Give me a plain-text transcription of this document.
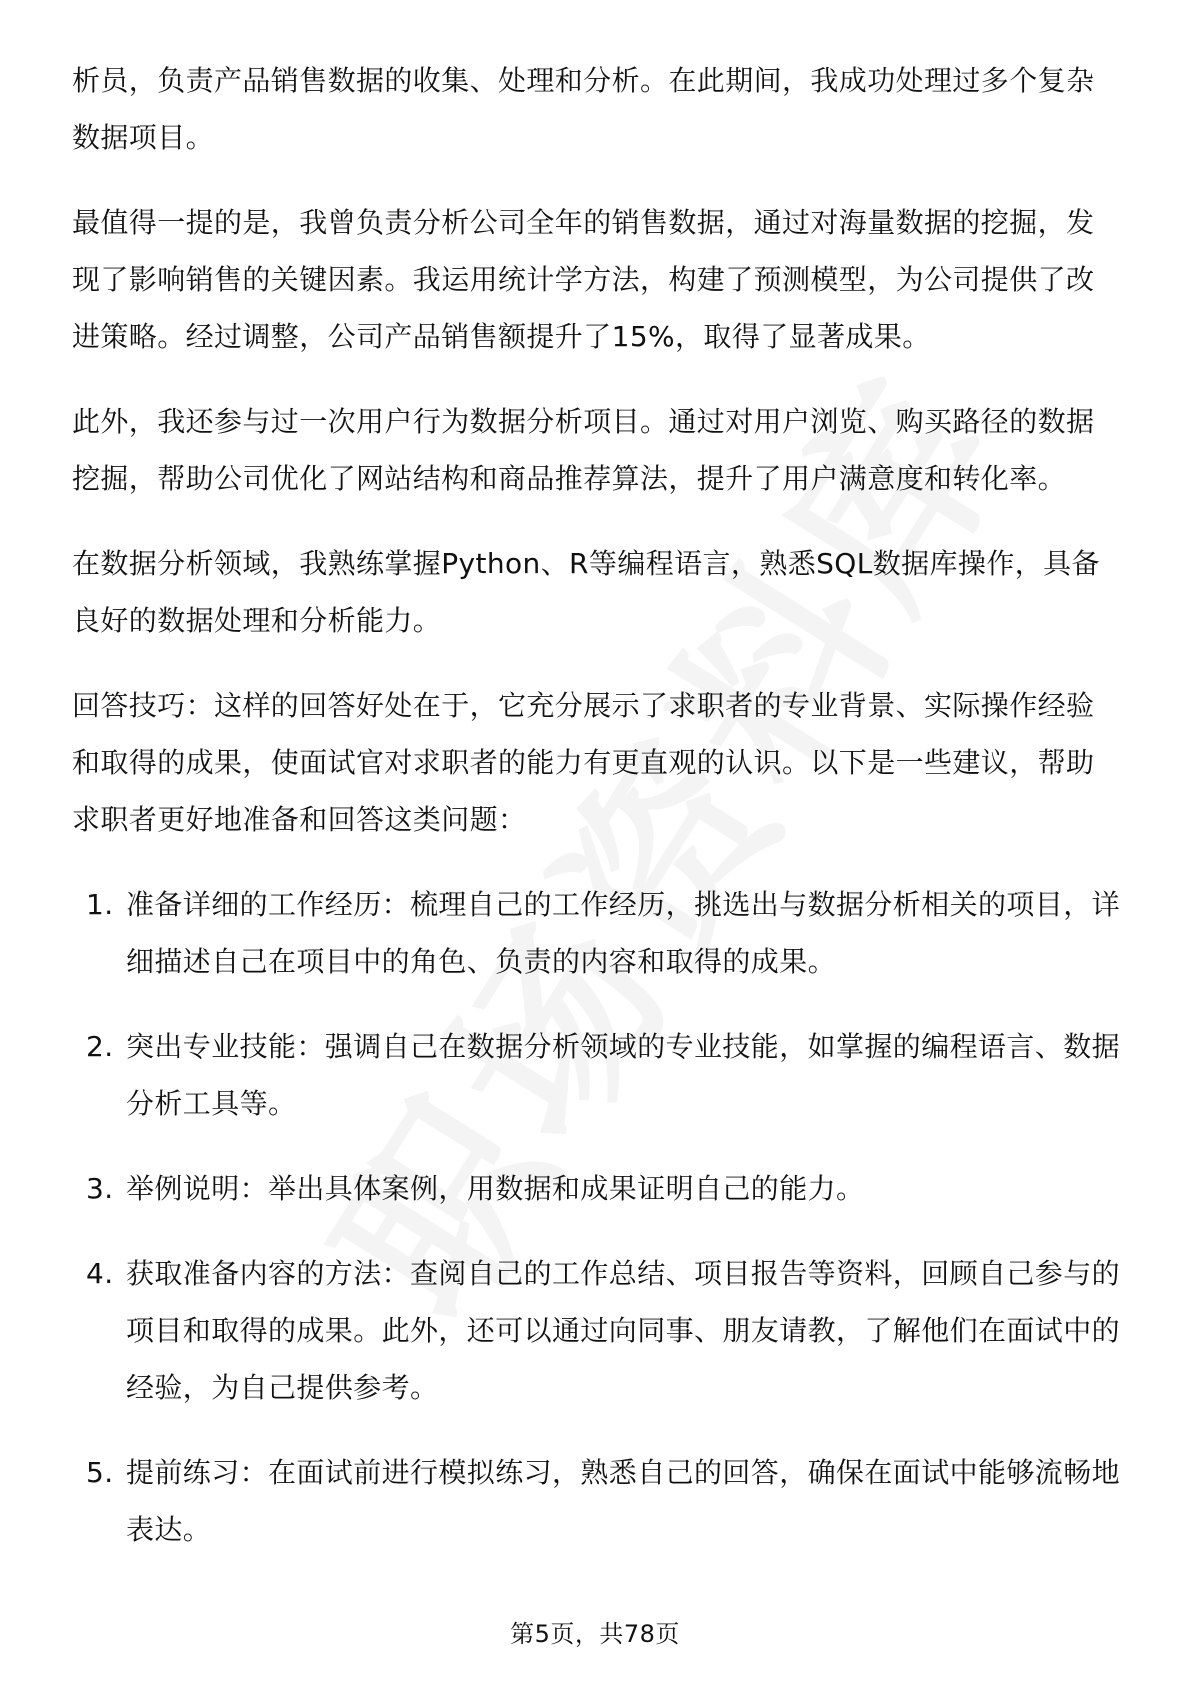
析员，负责产品销售数据的收集、处理和分析。在此期间，我成功处理过多个复杂数据项目。

最值得一提的是，我曾负责分析公司全年的销售数据，通过对海量数据的挖掘，发现了影响销售的关键因素。我运用统计学方法，构建了预测模型，为公司提供了改进策略。经过调整，公司产品销售额提升了15%，取得了显著成果。

此外，我还参与过一次用户行为数据分析项目。通过对用户浏览、购买路径的数据挖掘，帮助公司优化了网站结构和商品推荐算法，提升了用户满意度和转化率。

在数据分析领域，我熟练掌握Python、R等编程语言，熟悉SQL数据库操作，具备良好的数据处理和分析能力。

回答技巧：这样的回答好处在于，它充分展示了求职者的专业背景、实际操作经验和取得的成果，使面试官对求职者的能力有更直观的认识。以下是一些建议，帮助求职者更好地准备和回答这类问题：

1. 准备详细的工作经历：梳理自己的工作经历，挑选出与数据分析相关的项目，详细描述自己在项目中的角色、负责的内容和取得的成果。
2. 突出专业技能：强调自己在数据分析领域的专业技能，如掌握的编程语言、数据分析工具等。
3. 举例说明：举出具体案例，用数据和成果证明自己的能力。
4. 获取准备内容的方法：查阅自己的工作总结、项目报告等资料，回顾自己参与的项目和取得的成果。此外，还可以通过向同事、朋友请教，了解他们在面试中的经验，为自己提供参考。
5. 提前练习：在面试前进行模拟练习，熟悉自己的回答，确保在面试中能够流畅地表达。
第5页，共78页
